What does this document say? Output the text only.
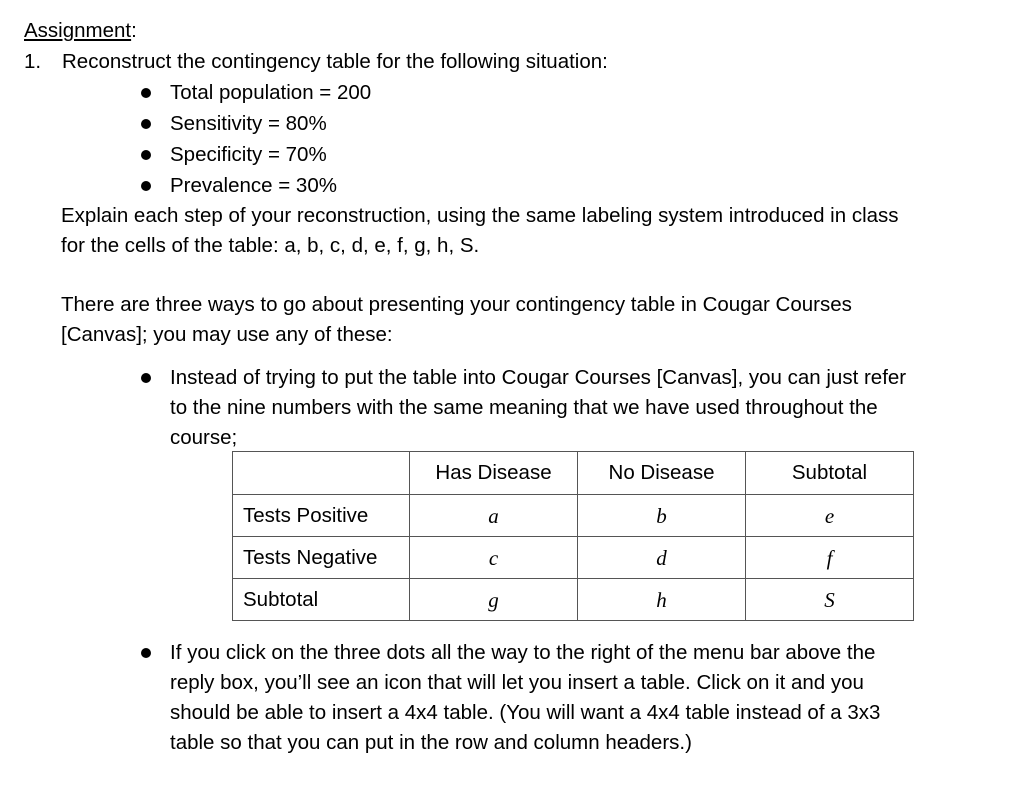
Assignment:
1. Reconstruct the contingency table for the following situation:
Total population = 200
Sensitivity = 80%
Specificity = 70%
Prevalence = 30%
Explain each step of your reconstruction, using the same labeling system introduced in class
for the cells of the table: a, b, c, d, e, f, g, h, S.
There are three ways to go about presenting your contingency table in Cougar Courses
[Canvas]; you may use any of these:
Instead of trying to put the table into Cougar Courses [Canvas], you can just refer
to the nine numbers with the same meaning that we have used throughout the
course;
	Has Disease	No Disease	Subtotal
Tests Positive	a	b	e
Tests Negative	c	d	f
Subtotal	g	h	S
If you click on the three dots all the way to the right of the menu bar above the
reply box, you’ll see an icon that will let you insert a table. Click on it and you
should be able to insert a 4x4 table. (You will want a 4x4 table instead of a 3x3
table so that you can put in the row and column headers.)
